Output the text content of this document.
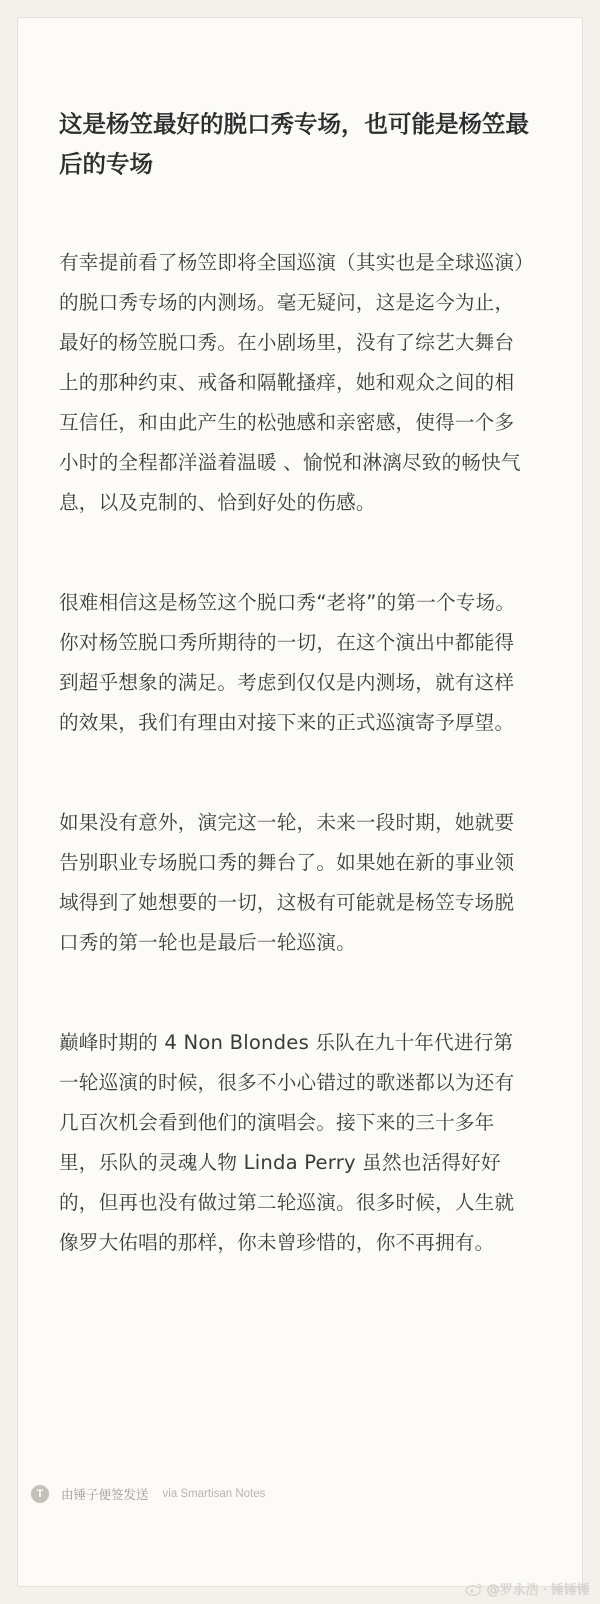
这是杨笠最好的脱口秀专场，也可能是杨笠最后的专场

有幸提前看了杨笠即将全国巡演（其实也是全球巡演）的脱口秀专场的内测场。毫无疑问，这是迄今为止，最好的杨笠脱口秀。在小剧场里，没有了综艺大舞台上的那种约束、戒备和隔靴搔痒，她和观众之间的相互信任，和由此产生的松弛感和亲密感，使得一个多小时的全程都洋溢着温暖 、愉悦和淋漓尽致的畅快气息，以及克制的、恰到好处的伤感。

很难相信这是杨笠这个脱口秀“老将”的第一个专场。你对杨笠脱口秀所期待的一切，在这个演出中都能得到超乎想象的满足。考虑到仅仅是内测场，就有这样的效果，我们有理由对接下来的正式巡演寄予厚望。

如果没有意外，演完这一轮，未来一段时期，她就要告别职业专场脱口秀的舞台了。如果她在新的事业领域得到了她想要的一切，这极有可能就是杨笠专场脱口秀的第一轮也是最后一轮巡演。

巅峰时期的 4 Non Blondes 乐队在九十年代进行第一轮巡演的时候，很多不小心错过的歌迷都以为还有几百次机会看到他们的演唱会。接下来的三十多年里，乐队的灵魂人物 Linda Perry 虽然也活得好好的，但再也没有做过第二轮巡演。很多时候，人生就像罗大佑唱的那样，你未曾珍惜的，你不再拥有。

T	由锤子便签发送 via Smartisan Notes
@罗永浩 · 锤锤锤
